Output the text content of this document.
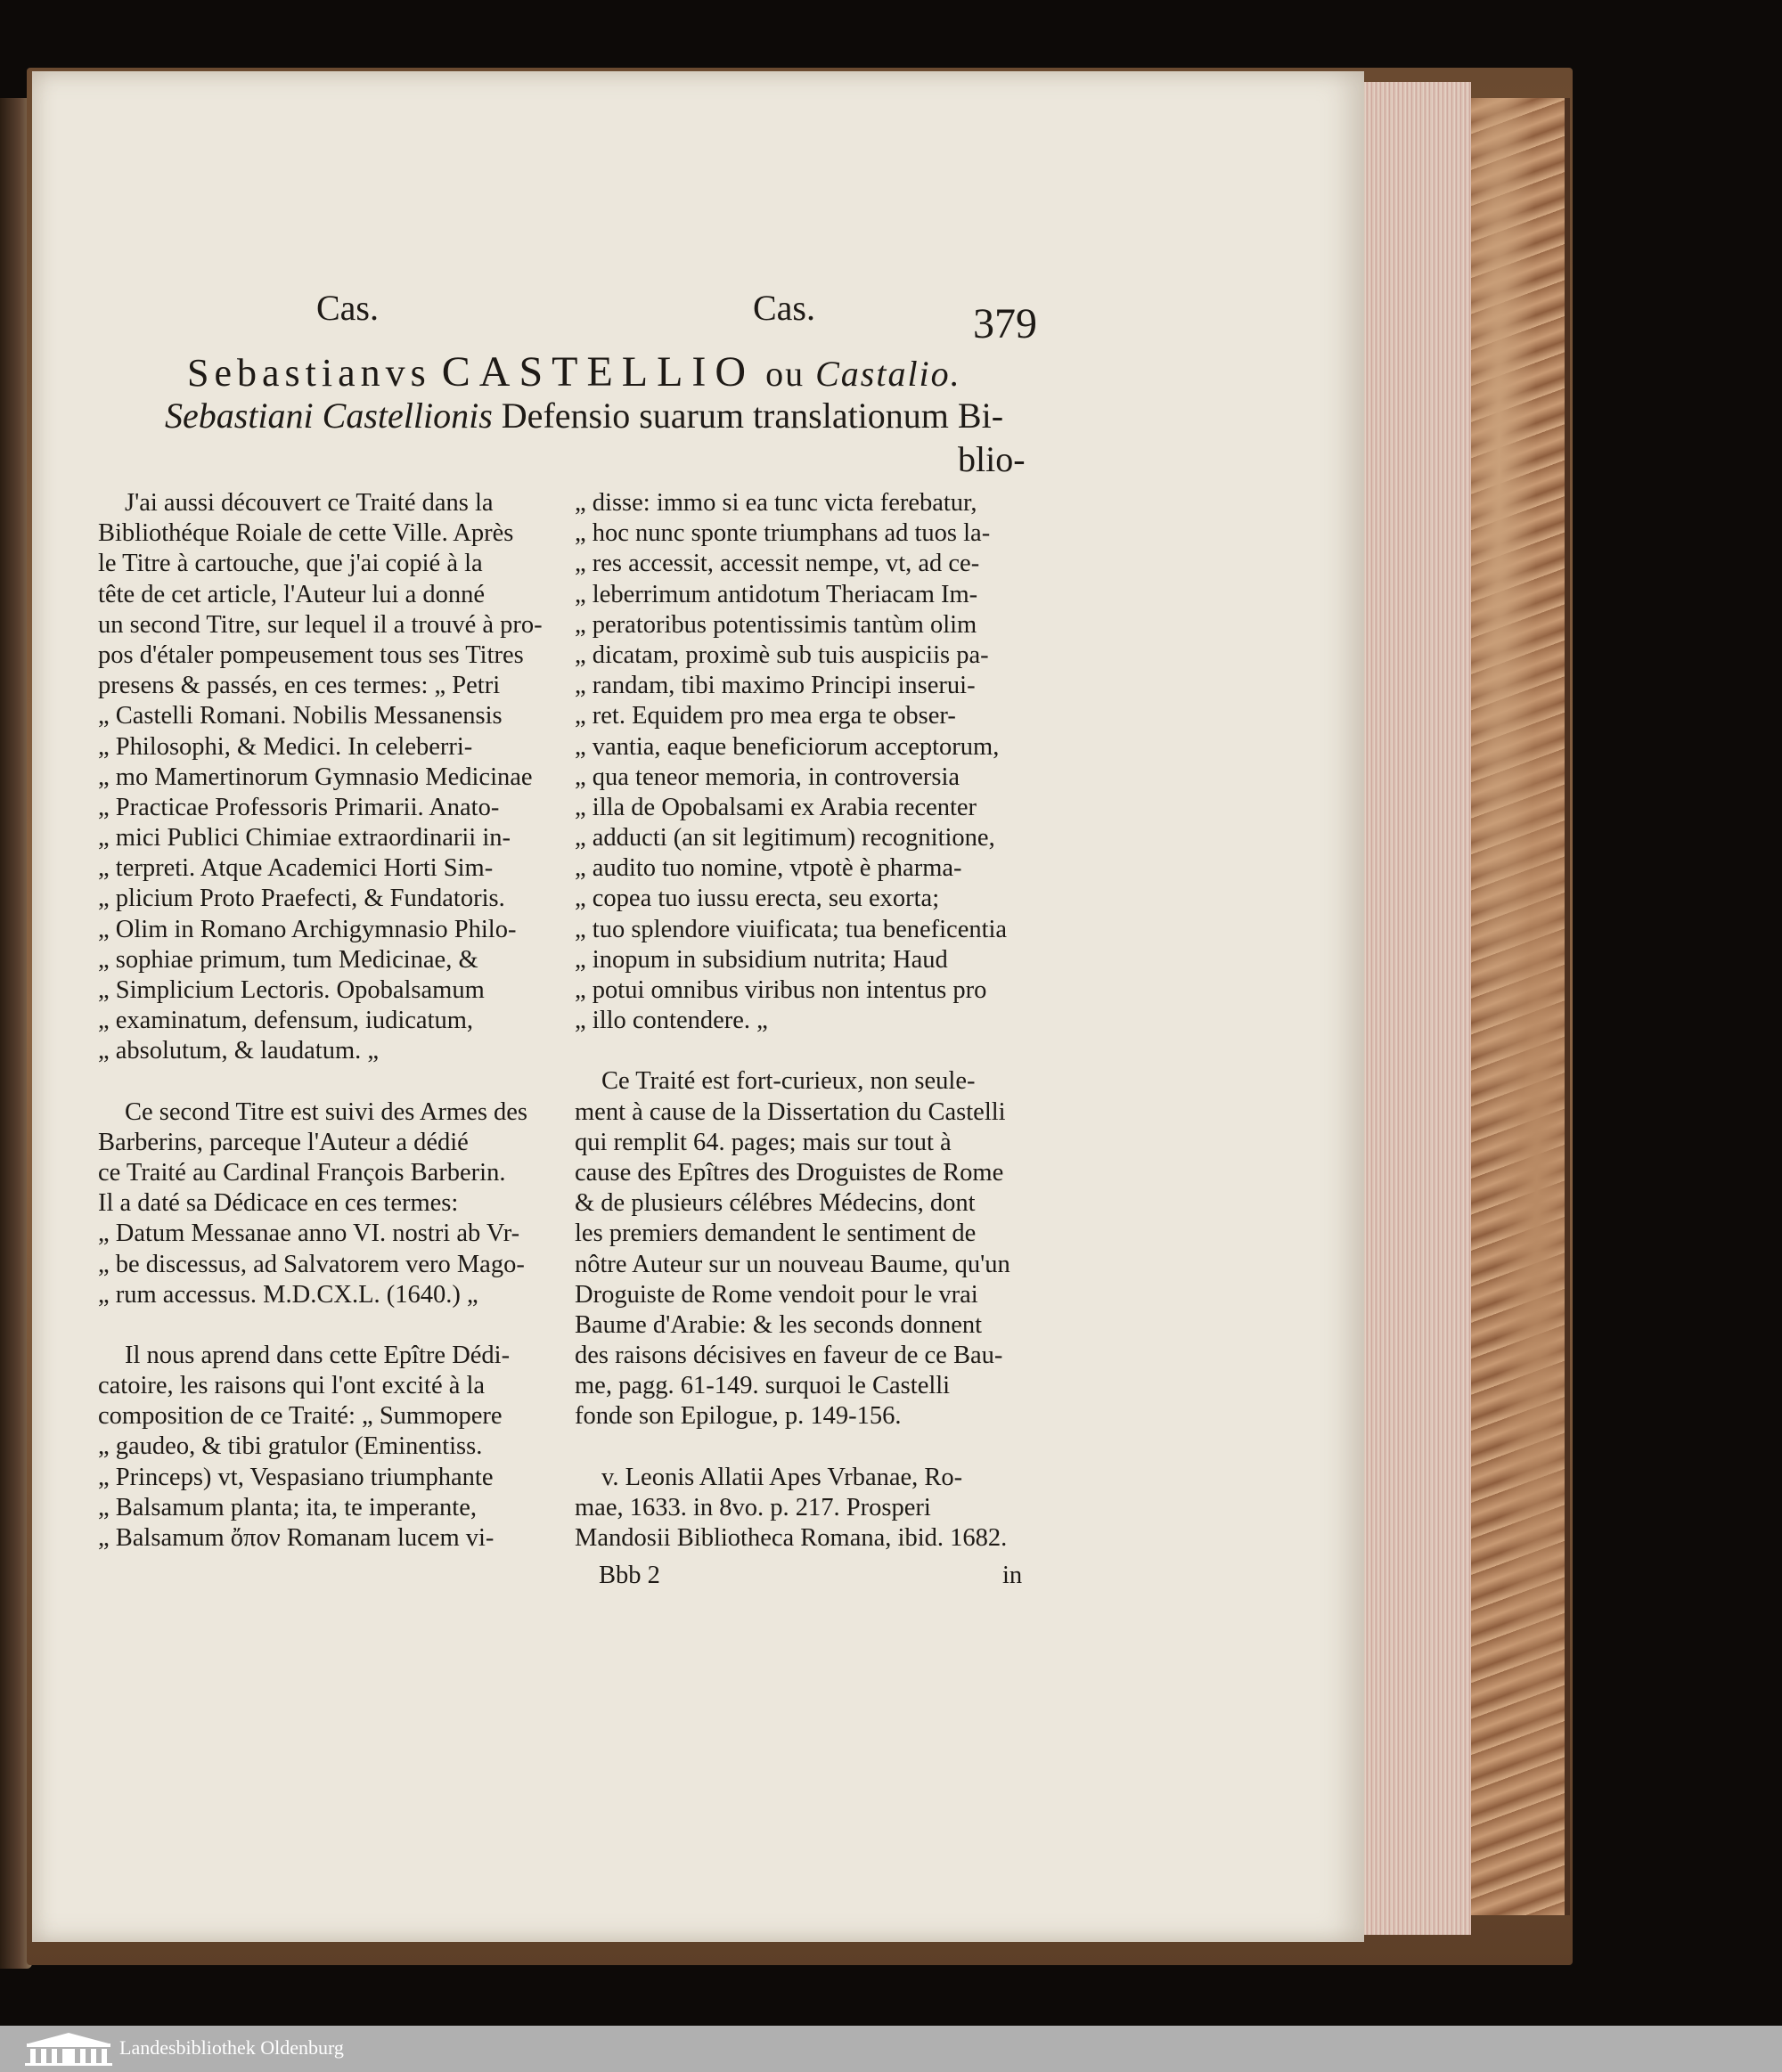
Cas.	Cas.	379
Sebastianvs CASTELLIO ou Castalio.
Sebastiani Castellionis Defensio suarum translationum Bi-
blio-
J'ai aussi découvert ce Traité dans la
Bibliothéque Roiale de cette Ville. Après
le Titre à cartouche, que j'ai copié à la
tête de cet article, l'Auteur lui a donné
un second Titre, sur lequel il a trouvé à pro-
pos d'étaler pompeusement tous ses Titres
presens & passés, en ces termes: „ Petri
„ Castelli Romani. Nobilis Messanensis
„ Philosophi, & Medici. In celeberri-
„ mo Mamertinorum Gymnasio Medicinae
„ Practicae Professoris Primarii. Anato-
„ mici Publici Chimiae extraordinarii in-
„ terpreti. Atque Academici Horti Sim-
„ plicium Proto Praefecti, & Fundatoris.
„ Olim in Romano Archigymnasio Philo-
„ sophiae primum, tum Medicinae, &
„ Simplicium Lectoris. Opobalsamum
„ examinatum, defensum, iudicatum,
„ absolutum, & laudatum. „
Ce second Titre est suivi des Armes des
Barberins, parceque l'Auteur a dédié
ce Traité au Cardinal François Barberin.
Il a daté sa Dédicace en ces termes:
„ Datum Messanae anno VI. nostri ab Vr-
„ be discessus, ad Salvatorem vero Mago-
„ rum accessus. M.D.CX.L. (1640.) „
Il nous aprend dans cette Epître Dédi-
catoire, les raisons qui l'ont excité à la
composition de ce Traité: „ Summopere
„ gaudeo, & tibi gratulor (Eminentiss.
„ Princeps) vt, Vespasiano triumphante
„ Balsamum planta; ita, te imperante,
„ Balsamum ὄπον Romanam lucem vi-
„ disse: immo si ea tunc victa ferebatur,
„ hoc nunc sponte triumphans ad tuos la-
„ res accessit, accessit nempe, vt, ad ce-
„ leberrimum antidotum Theriacam Im-
„ peratoribus potentissimis tantùm olim
„ dicatam, proximè sub tuis auspiciis pa-
„ randam, tibi maximo Principi inserui-
„ ret. Equidem pro mea erga te obser-
„ vantia, eaque beneficiorum acceptorum,
„ qua teneor memoria, in controversia
„ illa de Opobalsami ex Arabia recenter
„ adducti (an sit legitimum) recognitione,
„ audito tuo nomine, vtpotè è pharma-
„ copea tuo iussu erecta, seu exorta;
„ tuo splendore viuificata; tua beneficentia
„ inopum in subsidium nutrita; Haud
„ potui omnibus viribus non intentus pro
„ illo contendere. „
Ce Traité est fort-curieux, non seule-
ment à cause de la Dissertation du Castelli
qui remplit 64. pages; mais sur tout à
cause des Epîtres des Droguistes de Rome
& de plusieurs célébres Médecins, dont
les premiers demandent le sentiment de
nôtre Auteur sur un nouveau Baume, qu'un
Droguiste de Rome vendoit pour le vrai
Baume d'Arabie: & les seconds donnent
des raisons décisives en faveur de ce Bau-
me, pagg. 61-149. surquoi le Castelli
fonde son Epilogue, p. 149-156.
v. Leonis Allatii Apes Vrbanae, Ro-
mae, 1633. in 8vo. p. 217. Prosperi
Mandosii Bibliotheca Romana, ibid. 1682.
Bbb 2	in
Landesbibliothek Oldenburg
